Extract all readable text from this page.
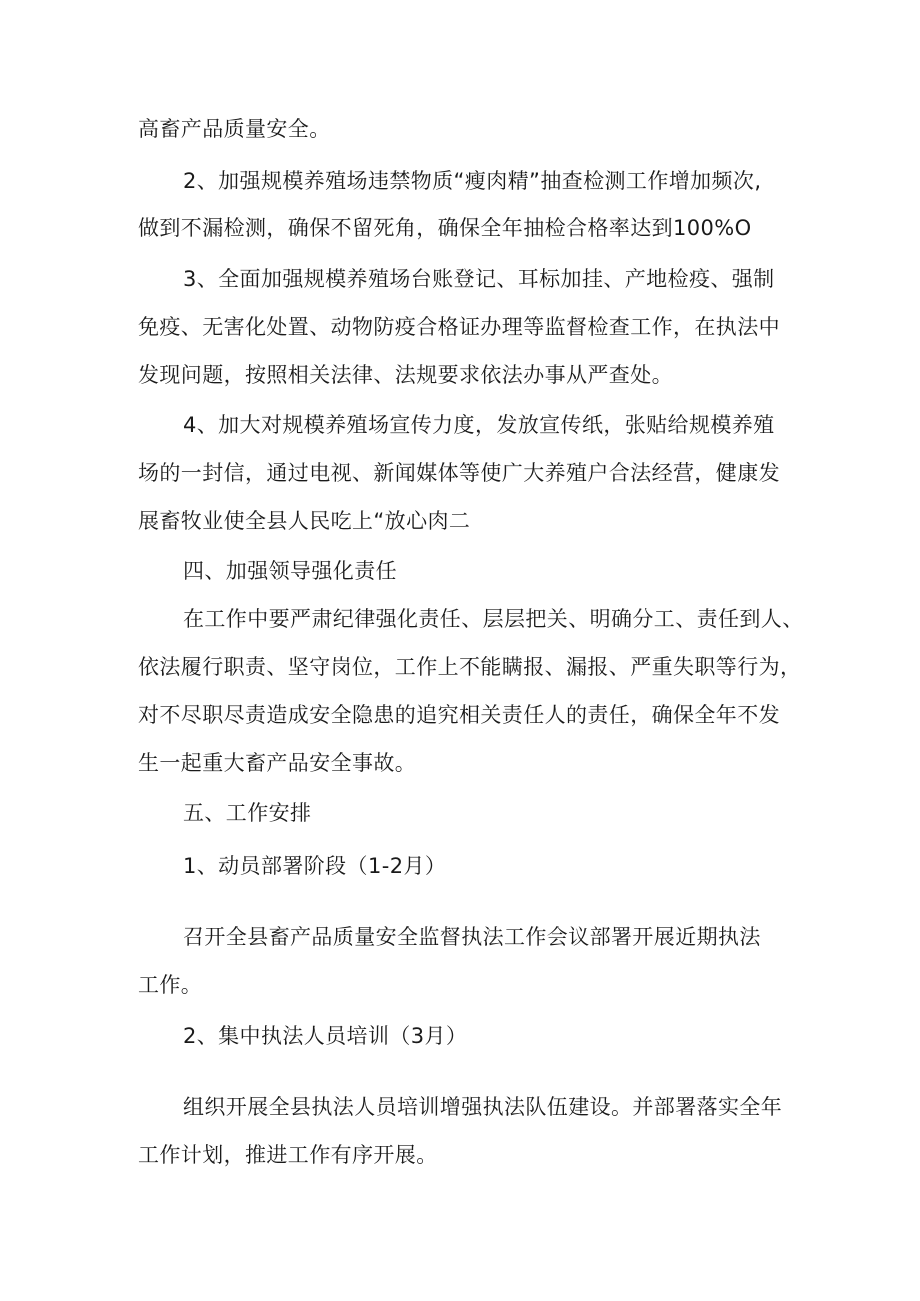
高畜产品质量安全。
2、加强规模养殖场违禁物质“瘦肉精”抽查检测工作增加频次,
做到不漏检测，确保不留死角，确保全年抽检合格率达到100%O
3、全面加强规模养殖场台账登记、耳标加挂、产地检疫、强制
免疫、无害化处置、动物防疫合格证办理等监督检查工作，在执法中
发现问题，按照相关法律、法规要求依法办事从严查处。
4、加大对规模养殖场宣传力度，发放宣传纸，张贴给规模养殖
场的一封信，通过电视、新闻媒体等使广大养殖户合法经营，健康发
展畜牧业使全县人民吃上“放心肉二
四、加强领导强化责任
在工作中要严肃纪律强化责任、层层把关、明确分工、责任到人、
依法履行职责、坚守岗位，工作上不能瞒报、漏报、严重失职等行为，
对不尽职尽责造成安全隐患的追究相关责任人的责任，确保全年不发
生一起重大畜产品安全事故。
五、工作安排
1、动员部署阶段（1-2月）
召开全县畜产品质量安全监督执法工作会议部署开展近期执法
工作。
2、集中执法人员培训（3月）
组织开展全县执法人员培训增强执法队伍建设。并部署落实全年
工作计划，推进工作有序开展。
